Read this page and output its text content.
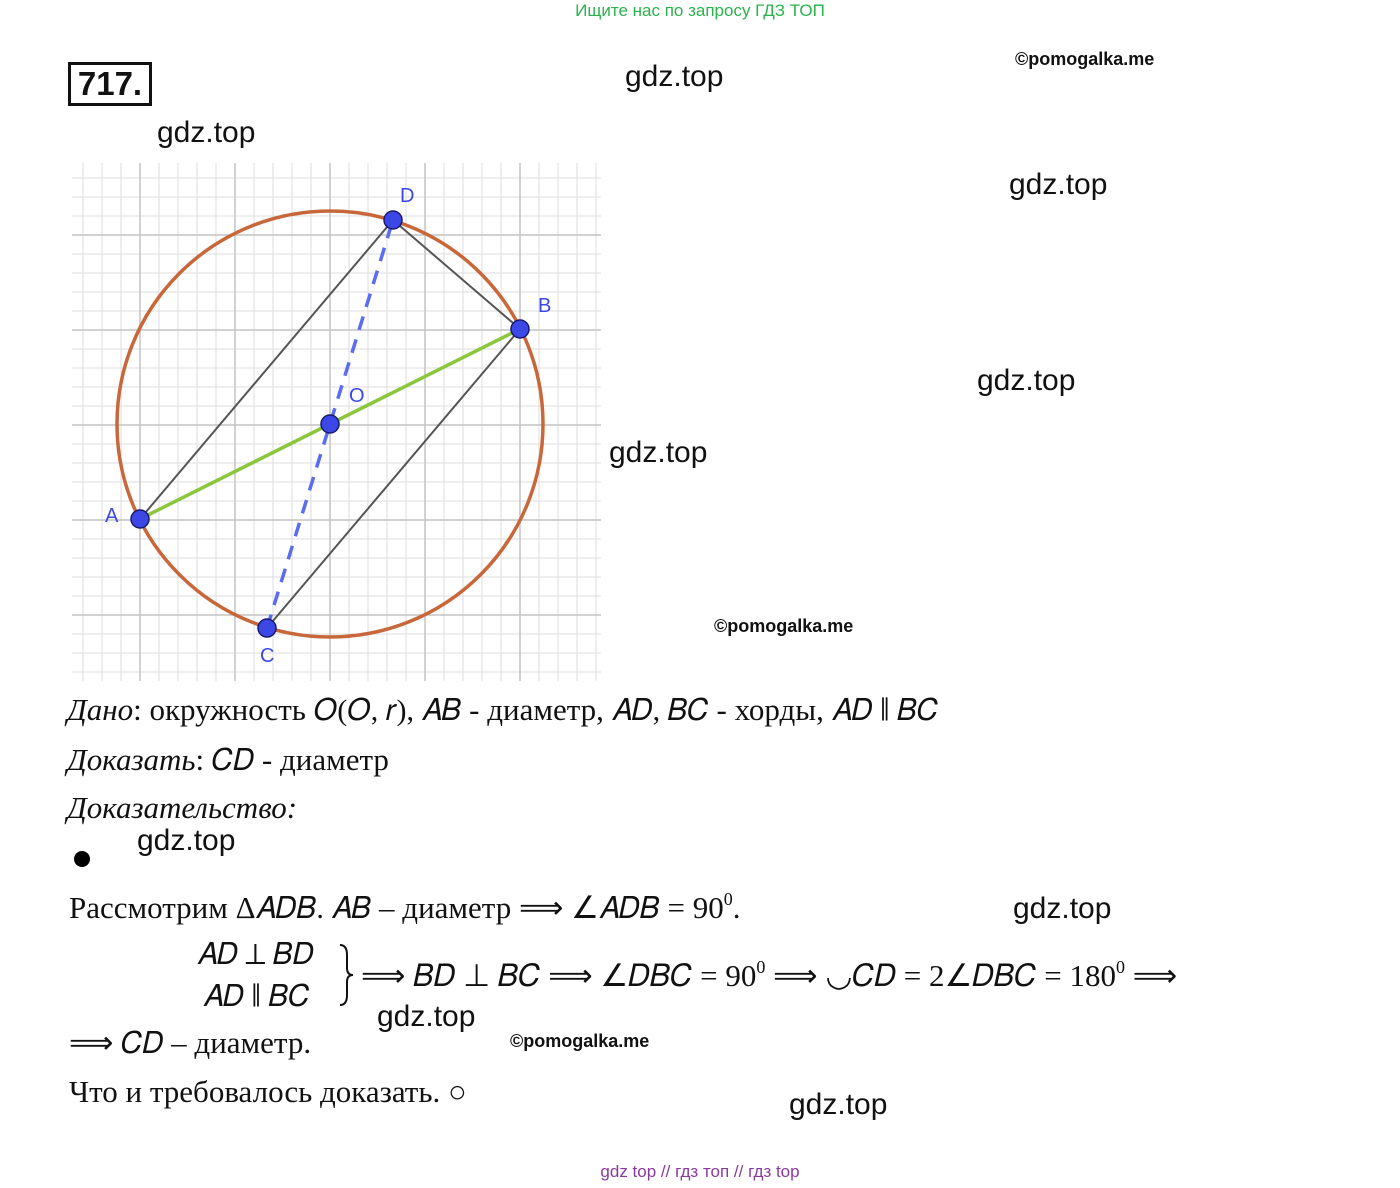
Ищите нас по запросу ГДЗ ТОП
717.	gdz.top
gdz.top
gdz.top
gdz.top
gdz.top
gdz.top
gdz.top
gdz.top
gdz.top
©pomogalka.me
©pomogalka.me
©pomogalka.me
A
B
C
D
O
Дано: окружность 𝑂(𝑂, 𝑟), 𝐴𝐵 - диаметр, 𝐴𝐷, 𝐵𝐶 - хорды, 𝐴𝐷 ∥ 𝐵𝐶
Доказать: 𝐶𝐷 - диаметр
Доказательство:
Рассмотрим Δ𝐴𝐷𝐵. 𝐴𝐵 – диаметр ⟹ ∠𝐴𝐷𝐵 = $90^0$.
𝐴𝐷 ⊥ 𝐵𝐷
𝐴𝐷 ∥ 𝐵𝐶
⟹ 𝐵𝐷 ⊥ 𝐵𝐶 ⟹ ∠𝐷𝐵𝐶 = $90^0$ ⟹ ◡𝐶𝐷 = 2∠𝐷𝐵𝐶 = $180^0$ ⟹
⟹ 𝐶𝐷 – диаметр.
Что и требовалось доказать. ○
gdz top // гдз топ // гдз top
